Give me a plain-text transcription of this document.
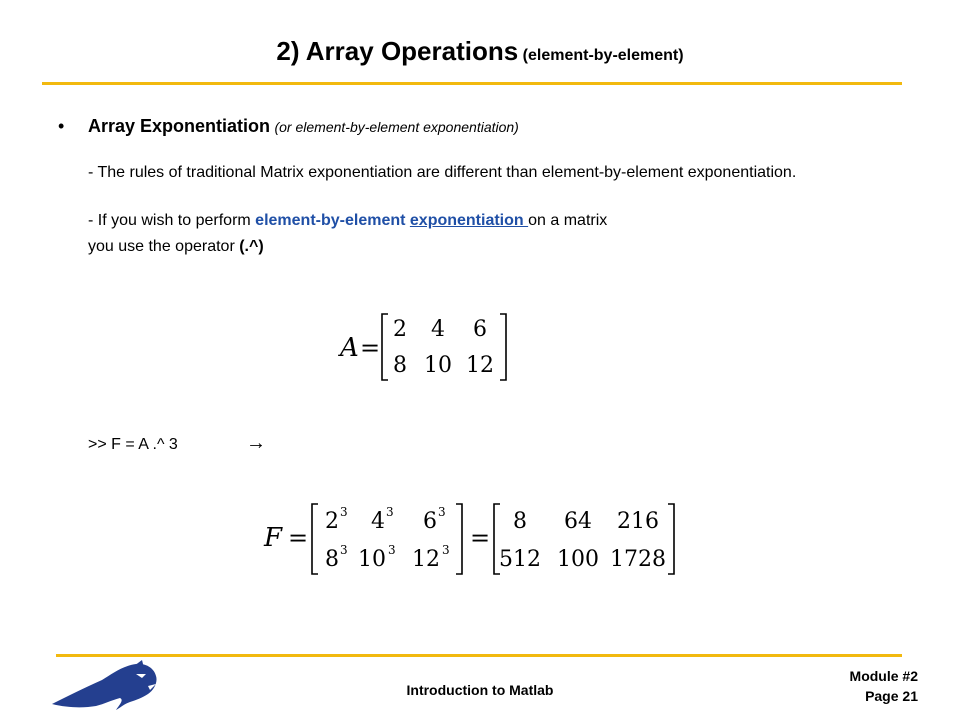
2) Array Operations (element-by-element)
• Array Exponentiation (or element-by-element exponentiation)
- The rules of traditional Matrix exponentiation are different than element-by-element exponentiation.
- If you wish to perform element-by-element exponentiation on a matrix
you use the operator (.^)
A =
2 4 6
8 10 12
>> F = A .^ 3	→
F =
2 3 4 3 6 3
8 3 10 3 12 3 =
8 64 216
512 100 1728
Introduction to Matlab
Module #2
Page 21
